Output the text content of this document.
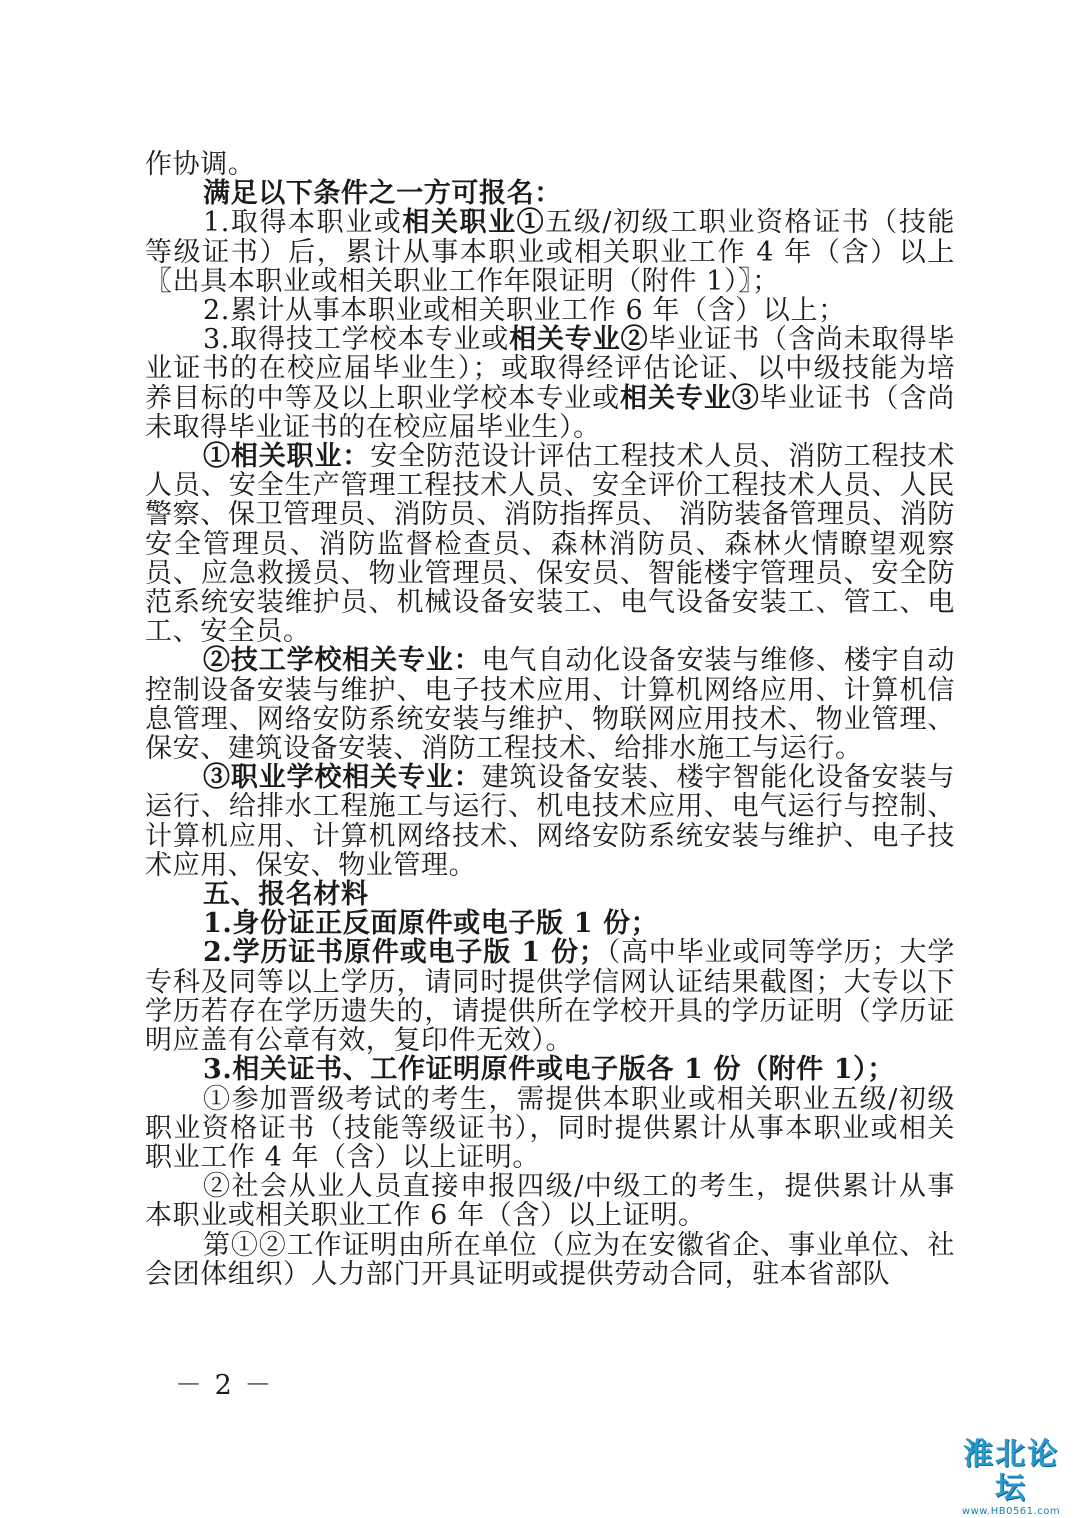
作协调。

满足以下条件之一方可报名：

1.取得本职业或相关职业①五级/初级工职业资格证书（技能等级证书）后，累计从事本职业或相关职业工作 4 年（含）以上　〖出具本职业或相关职业工作年限证明（附件 1）〗；

2.累计从事本职业或相关职业工作 6 年（含）以上；

3.取得技工学校本专业或相关专业②毕业证书（含尚未取得毕业证书的在校应届毕业生）；或取得经评估论证、以中级技能为培养目标的中等及以上职业学校本专业或相关专业③毕业证书（含尚未取得毕业证书的在校应届毕业生）。

①相关职业：安全防范设计评估工程技术人员、消防工程技术人员、安全生产管理工程技术人员、安全评价工程技术人员、人民警察、保卫管理员、消防员、消防指挥员、 消防装备管理员、消防安全管理员、消防监督检查员、森林消防员、森林火情瞭望观察员、应急救援员、物业管理员、保安员、智能楼宇管理员、安全防范系统安装维护员、机械设备安装工、电气设备安装工、管工、电工、安全员。

②技工学校相关专业：电气自动化设备安装与维修、楼宇自动控制设备安装与维护、电子技术应用、计算机网络应用、计算机信息管理、网络安防系统安装与维护、物联网应用技术、物业管理、保安、建筑设备安装、消防工程技术、给排水施工与运行。

③职业学校相关专业：建筑设备安装、楼宇智能化设备安装与运行、给排水工程施工与运行、机电技术应用、电气运行与控制、计算机应用、计算机网络技术、网络安防系统安装与维护、电子技术应用、保安、物业管理。

五、报名材料

1.身份证正反面原件或电子版 1 份；

2.学历证书原件或电子版 1 份；（高中毕业或同等学历；大学专科及同等以上学历，请同时提供学信网认证结果截图；大专以下学历若存在学历遗失的，请提供所在学校开具的学历证明（学历证明应盖有公章有效，复印件无效）。

3.相关证书、工作证明原件或电子版各 1 份（附件 1）；

①参加晋级考试的考生，需提供本职业或相关职业五级/初级职业资格证书（技能等级证书），同时提供累计从事本职业或相关职业工作 4 年（含）以上证明。

②社会从业人员直接申报四级/中级工的考生，提供累计从事本职业或相关职业工作 6 年（含）以上证明。

第①②工作证明由所在单位（应为在安徽省企、事业单位、社会团体组织）人力部门开具证明或提供劳动合同，驻本省部队

－ 2 －
淮北论坛
www.HB0561.com
